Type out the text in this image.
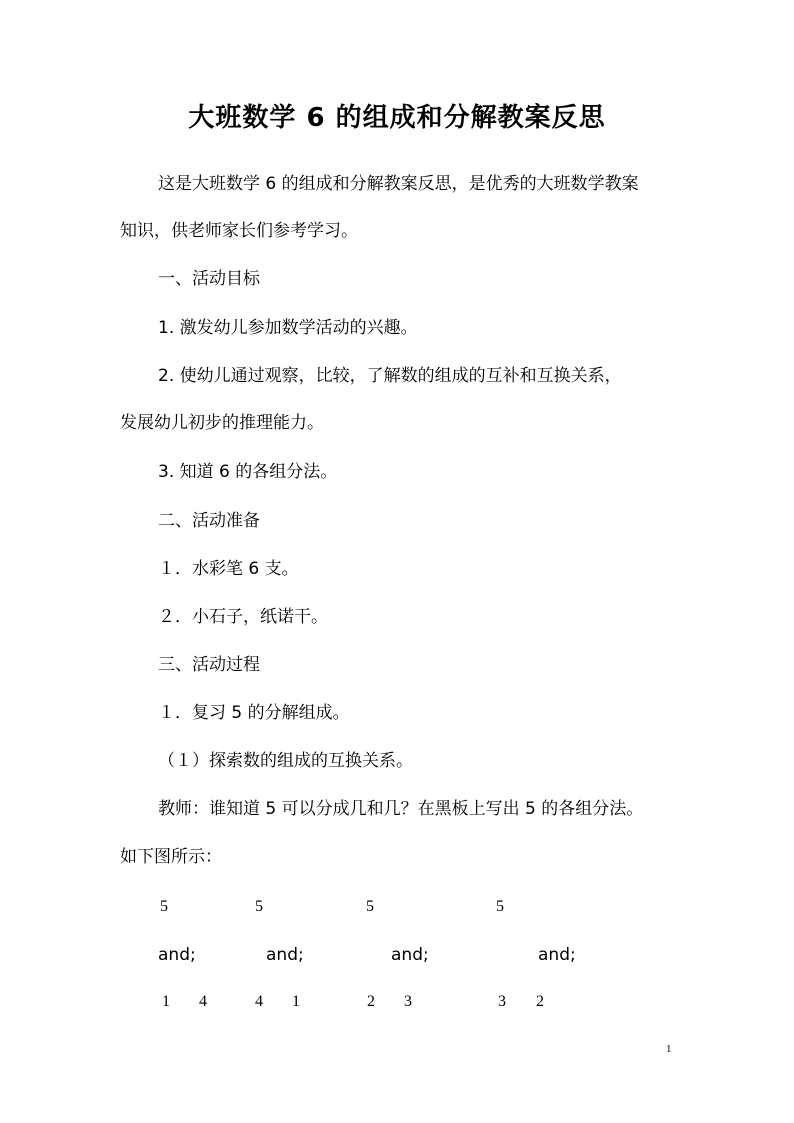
大班数学 6 的组成和分解教案反思

这是大班数学 6 的组成和分解教案反思，是优秀的大班数学教案

知识，供老师家长们参考学习。

一、活动目标

1. 激发幼儿参加数学活动的兴趣。

2. 使幼儿通过观察，比较，了解数的组成的互补和互换关系，

发展幼儿初步的推理能力。

3. 知道 6 的各组分法。

二、活动准备

１．水彩笔 6 支。

２．小石子，纸诺干。

三、活动过程

１．复习 5 的分解组成。

（１）探索数的组成的互换关系。

教师：谁知道 5 可以分成几和几？在黑板上写出 5 的各组分法。

如下图所示：

5	5	5	5
and;	and;	and;	and;
1 4	4 1	2 3	3 2
1
